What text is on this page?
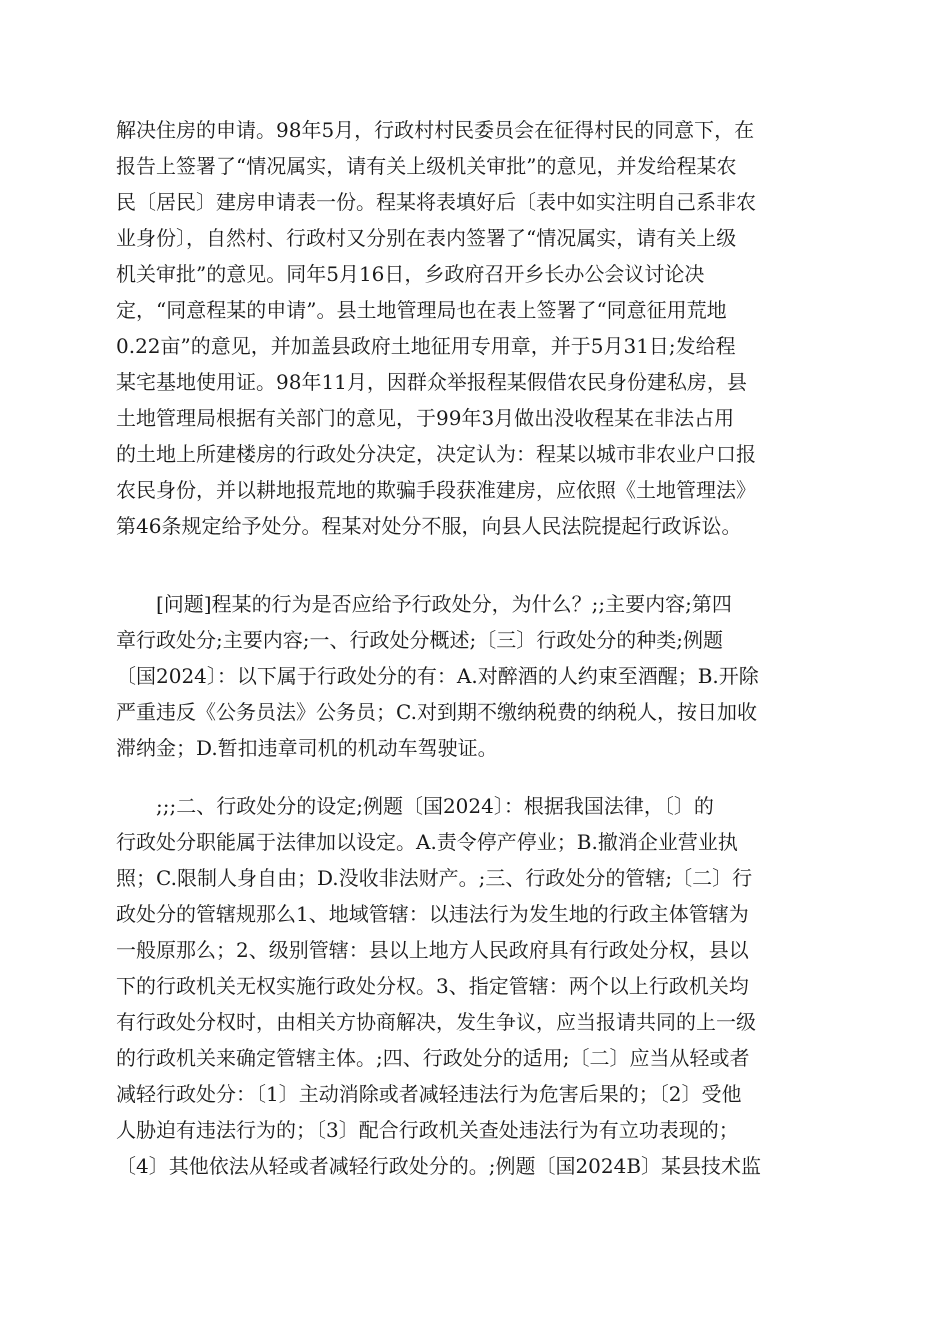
解决住房的申请。98年5月，行政村村民委员会在征得村民的同意下，在
报告上签署了“情况属实，请有关上级机关审批”的意见，并发给程某农
民〔居民〕建房申请表一份。程某将表填好后〔表中如实注明自己系非农
业身份〕，自然村、行政村又分别在表内签署了“情况属实，请有关上级
机关审批”的意见。同年5月16日，乡政府召开乡长办公会议讨论决
定，“同意程某的申请”。县土地管理局也在表上签署了“同意征用荒地
0.22亩”的意见，并加盖县政府土地征用专用章，并于5月31日;发给程
某宅基地使用证。98年11月，因群众举报程某假借农民身份建私房，县
土地管理局根据有关部门的意见，于99年3月做出没收程某在非法占用
的土地上所建楼房的行政处分决定，决定认为：程某以城市非农业户口报
农民身份，并以耕地报荒地的欺骗手段获准建房，应依照《土地管理法》
第46条规定给予处分。程某对处分不服，向县人民法院提起行政诉讼。
　　[问题]程某的行为是否应给予行政处分，为什么？;;主要内容;第四
章行政处分;主要内容;一、行政处分概述;〔三〕行政处分的种类;例题
〔国2024〕：以下属于行政处分的有：A.对醉酒的人约束至酒醒；B.开除
严重违反《公务员法》公务员；C.对到期不缴纳税费的纳税人，按日加收
滞纳金；D.暂扣违章司机的机动车驾驶证。
　　;;;二、行政处分的设定;例题〔国2024〕：根据我国法律，〔〕的
行政处分职能属于法律加以设定。A.责令停产停业；B.撤消企业营业执
照；C.限制人身自由；D.没收非法财产。;三、行政处分的管辖;〔二〕行
政处分的管辖规那么1、地域管辖：以违法行为发生地的行政主体管辖为
一般原那么；2、级别管辖：县以上地方人民政府具有行政处分权，县以
下的行政机关无权实施行政处分权。3、指定管辖：两个以上行政机关均
有行政处分权时，由相关方协商解决，发生争议，应当报请共同的上一级
的行政机关来确定管辖主体。;四、行政处分的适用;〔二〕应当从轻或者
减轻行政处分：〔1〕主动消除或者减轻违法行为危害后果的；〔2〕受他
人胁迫有违法行为的；〔3〕配合行政机关查处违法行为有立功表现的；
〔4〕其他依法从轻或者减轻行政处分的。;例题〔国2024B〕某县技术监
